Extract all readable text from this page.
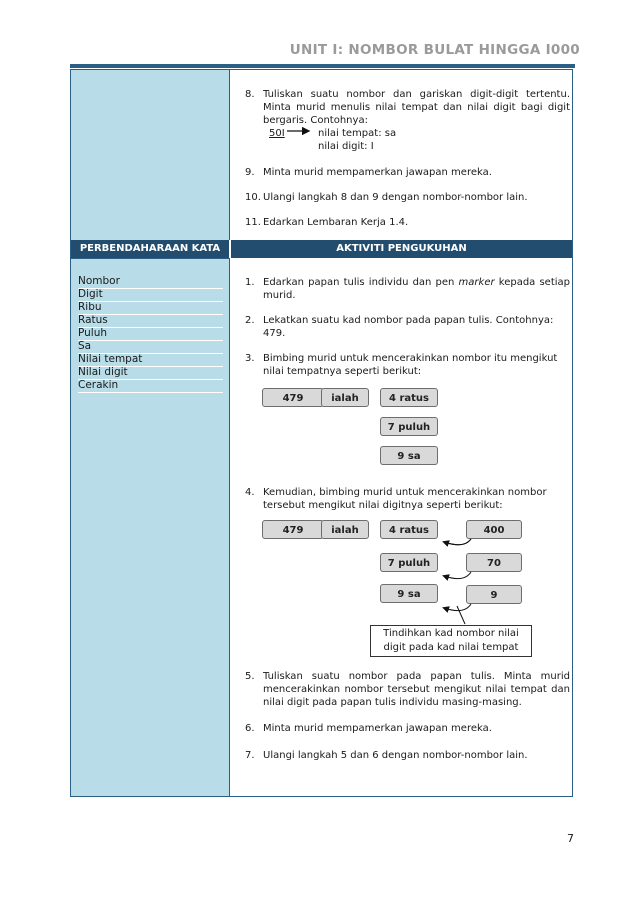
UNIT I: NOMBOR BULAT HINGGA I000
PERBENDAHARAAN KATA	AKTIVITI PENGUKUHAN
Nombor
Digit
Ribu
Ratus
Puluh
Sa
Nilai tempat
Nilai digit
Cerakin
8. Tuliskan suatu nombor dan gariskan digit-digit tertentu. Minta murid menulis nilai tempat dan nilai digit bagi digit bergaris. Contohnya:
50I	nilai tempat: sa
nilai digit: I
9. Minta murid mempamerkan jawapan mereka.
10. Ulangi langkah 8 dan 9 dengan nombor-nombor lain.
11. Edarkan Lembaran Kerja 1.4.
1. Edarkan papan tulis individu dan pen marker kepada setiap murid.
2. Lekatkan suatu kad nombor pada papan tulis. Contohnya: 479.
3. Bimbing murid untuk mencerakinkan nombor itu mengikut nilai tempatnya seperti berikut:
479	ialah	4 ratus
7 puluh
9 sa
4. Kemudian, bimbing murid untuk mencerakinkan nombor tersebut mengikut nilai digitnya seperti berikut:
479	ialah	4 ratus	400
7 puluh	70
9 sa	9
Tindihkan kad nombor nilai digit pada kad nilai tempat
5. Tuliskan suatu nombor pada papan tulis. Minta murid mencerakinkan nombor tersebut mengikut nilai tempat dan nilai digit pada papan tulis individu masing-masing.
6. Minta murid mempamerkan jawapan mereka.
7. Ulangi langkah 5 dan 6 dengan nombor-nombor lain.
7
